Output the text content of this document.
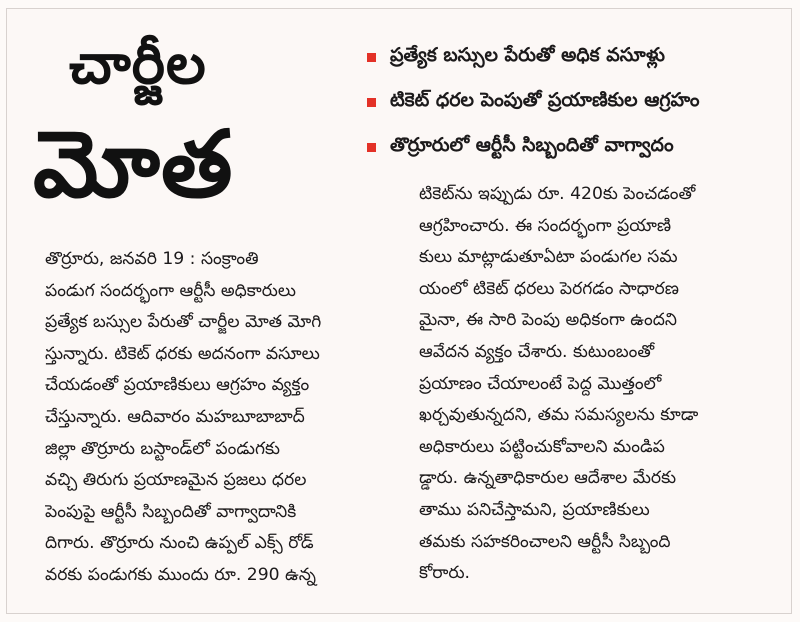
చార్జీల
మోత
ప్రత్యేక బస్సుల పేరుతో అధిక వసూళ్లు
టికెట్ ధరల పెంపుతో ప్రయాణికుల ఆగ్రహం
తొర్రూరులో ఆర్టీసీ సిబ్బందితో వాగ్వాదం
తొర్రూరు, జనవరి 19 : సంక్రాంతి
పండుగ సందర్భంగా ఆర్టీసీ అధికారులు
ప్రత్యేక బస్సుల పేరుతో చార్జీల మోత మోగి
స్తున్నారు. టికెట్ ధరకు అదనంగా వసూలు
చేయడంతో ప్రయాణికులు ఆగ్రహం వ్యక్తం
చేస్తున్నారు. ఆదివారం మహబూబాబాద్
జిల్లా తొర్రూరు బస్టాండ్‌లో పండుగకు
వచ్చి తిరుగు ప్రయాణమైన ప్రజలు ధరల
పెంపుపై ఆర్టీసీ సిబ్బందితో వాగ్వాదానికి
దిగారు. తొర్రూరు నుంచి ఉప్పల్ ఎక్స్ రోడ్
వరకు పండుగకు ముందు రూ. 290 ఉన్న
టికెట్‌ను ఇప్పుడు రూ. 420కు పెంచడంతో
ఆగ్రహించారు. ఈ సందర్భంగా ప్రయాణి
కులు మాట్లాడుతూఏటా పండుగల సమ
యంలో టికెట్ ధరలు పెరగడం సాధారణ
మైనా, ఈ సారి పెంపు అధికంగా ఉందని
ఆవేదన వ్యక్తం చేశారు. కుటుంబంతో
ప్రయాణం చేయాలంటే పెద్ద మొత్తంలో
ఖర్చవుతున్నదని, తమ సమస్యలను కూడా
అధికారులు పట్టించుకోవాలని మండిప
డ్డారు. ఉన్నతాధికారుల ఆదేశాల మేరకు
తాము పనిచేస్తామని, ప్రయాణికులు
తమకు సహకరించాలని ఆర్టీసీ సిబ్బంది
కోరారు.
